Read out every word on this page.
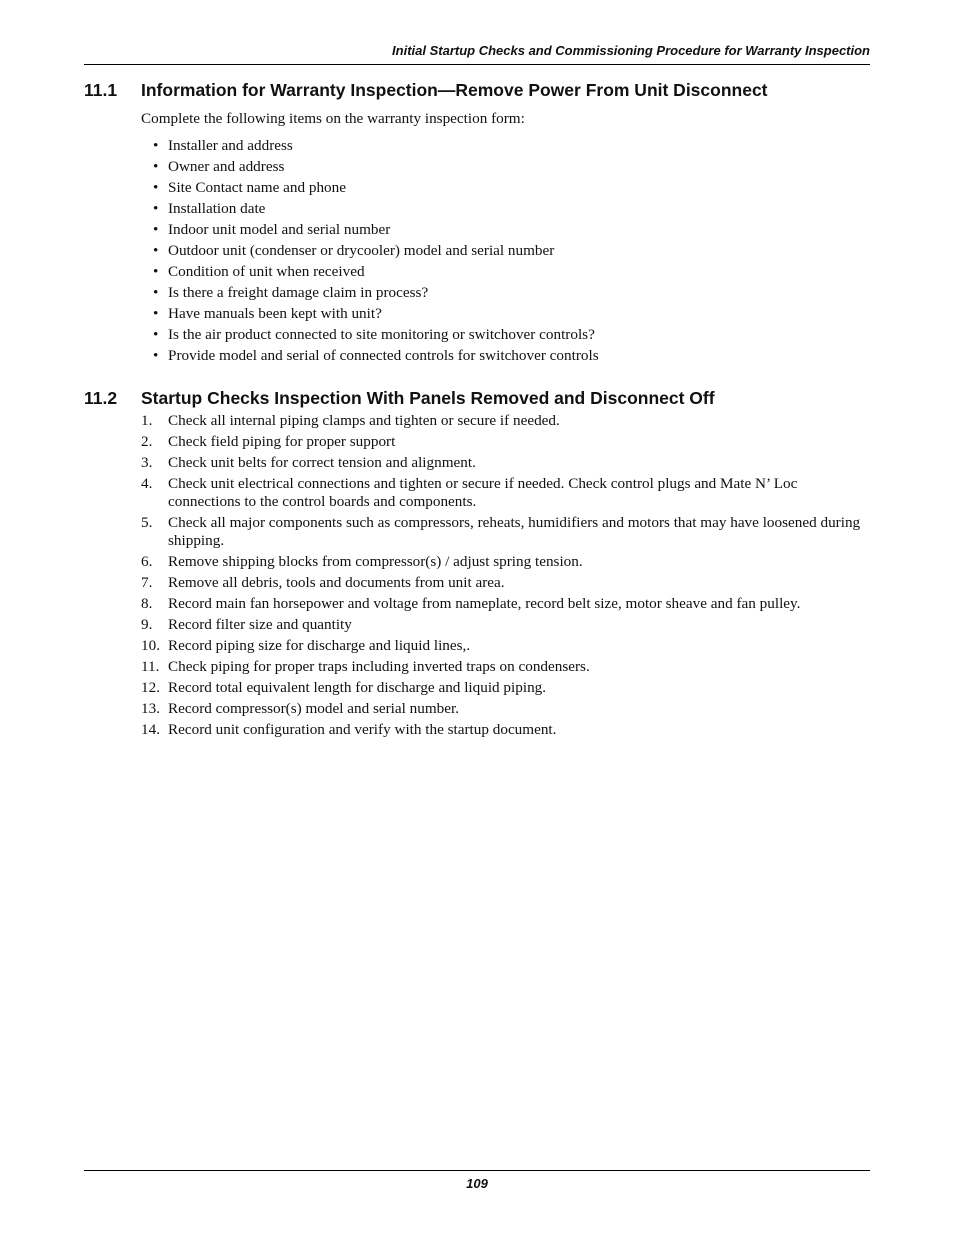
Initial Startup Checks and Commissioning Procedure for Warranty Inspection
11.1 Information for Warranty Inspection—Remove Power From Unit Disconnect

Complete the following items on the warranty inspection form:

• Installer and address
• Owner and address
• Site Contact name and phone
• Installation date
• Indoor unit model and serial number
• Outdoor unit (condenser or drycooler) model and serial number
• Condition of unit when received
• Is there a freight damage claim in process?
• Have manuals been kept with unit?
• Is the air product connected to site monitoring or switchover controls?
• Provide model and serial of connected controls for switchover controls
11.2 Startup Checks Inspection With Panels Removed and Disconnect Off
1. Check all internal piping clamps and tighten or secure if needed.
2. Check field piping for proper support
3. Check unit belts for correct tension and alignment.
4. Check unit electrical connections and tighten or secure if needed. Check control plugs and Mate N’ Loc connections to the control boards and components.
5. Check all major components such as compressors, reheats, humidifiers and motors that may have loosened during shipping.
6. Remove shipping blocks from compressor(s) / adjust spring tension.
7. Remove all debris, tools and documents from unit area.
8. Record main fan horsepower and voltage from nameplate, record belt size, motor sheave and fan pulley.
9. Record filter size and quantity
10. Record piping size for discharge and liquid lines,.
11. Check piping for proper traps including inverted traps on condensers.
12. Record total equivalent length for discharge and liquid piping.
13. Record compressor(s) model and serial number.
14. Record unit configuration and verify with the startup document.
109
